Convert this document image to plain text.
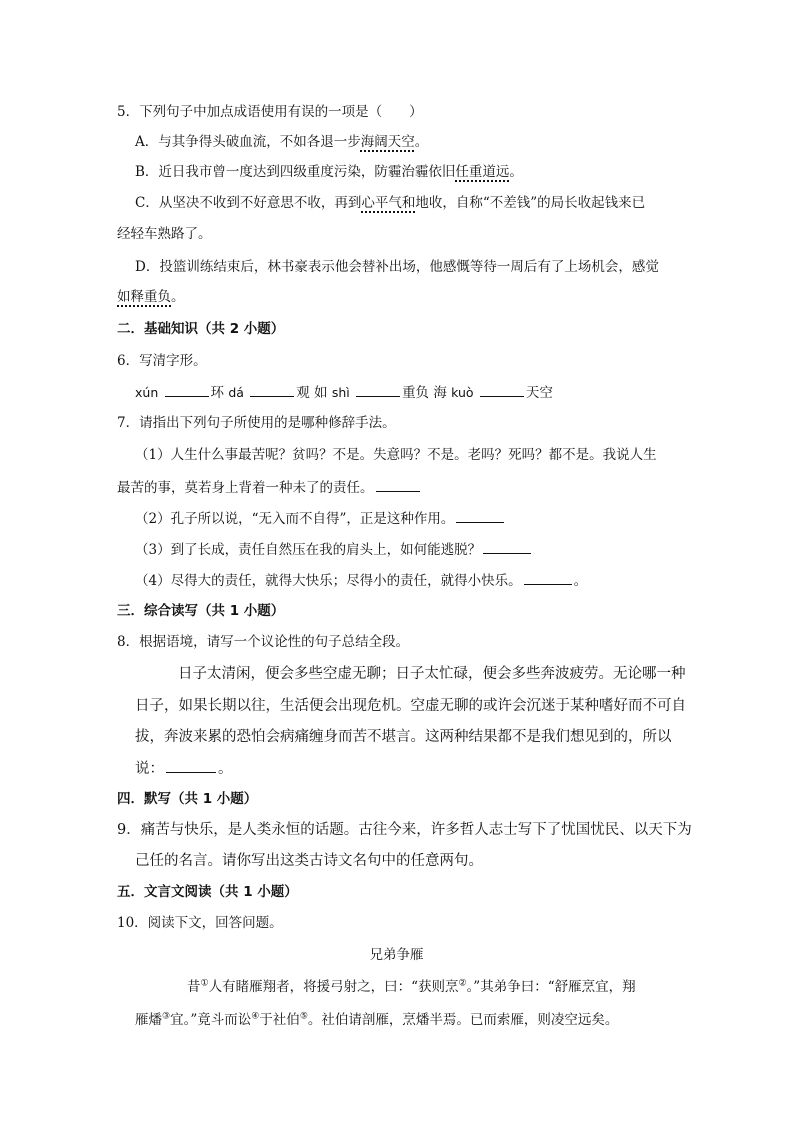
5．下列句子中加点成语使用有误的一项是（　　）
A．与其争得头破血流，不如各退一步海阔天空。
B．近日我市曾一度达到四级重度污染，防霾治霾依旧任重道远。
C．从坚决不收到不好意思不收，再到心平气和地收，自称“不差钱”的局长收起钱来已
经轻车熟路了。
D．投篮训练结束后，林书豪表示他会替补出场，他感慨等待一周后有了上场机会，感觉
如释重负。
二．基础知识（共 2 小题）
6．写清字形。
xún	环 dá	观 如 shì	重负 海 kuò	天空
7．请指出下列句子所使用的是哪种修辞手法。
（1）人生什么事最苦呢？贫吗？不是。失意吗？不是。老吗？死吗？都不是。我说人生
最苦的事，莫若身上背着一种未了的责任。
（2）孔子所以说，“无入而不自得”，正是这种作用。
（3）到了长成，责任自然压在我的肩头上，如何能逃脱？
（4）尽得大的责任，就得大快乐；尽得小的责任，就得小快乐。	。
三．综合读写（共 1 小题）
8．根据语境，请写一个议论性的句子总结全段。
日子太清闲，便会多些空虚无聊；日子太忙碌，便会多些奔波疲劳。无论哪一种
日子，如果长期以往，生活便会出现危机。空虚无聊的或许会沉迷于某种嗜好而不可自
拔，奔波来累的恐怕会病痛缠身而苦不堪言。这两种结果都不是我们想见到的，所以
说：	。
四．默写（共 1 小题）
9．痛苦与快乐，是人类永恒的话题。古往今来，许多哲人志士写下了忧国忧民、以天下为
己任的名言。请你写出这类古诗文名句中的任意两句。
五．文言文阅读（共 1 小题）
10．阅读下文，回答问题。
兄弟争雁
昔①人有睹雁翔者，将援弓射之，曰：“获则烹②。”其弟争曰：“舒雁烹宜，翔
雁燔③宜。”竟斗而讼④于社伯⑤。社伯请剖雁，烹燔半焉。已而索雁，则凌空远矣。
